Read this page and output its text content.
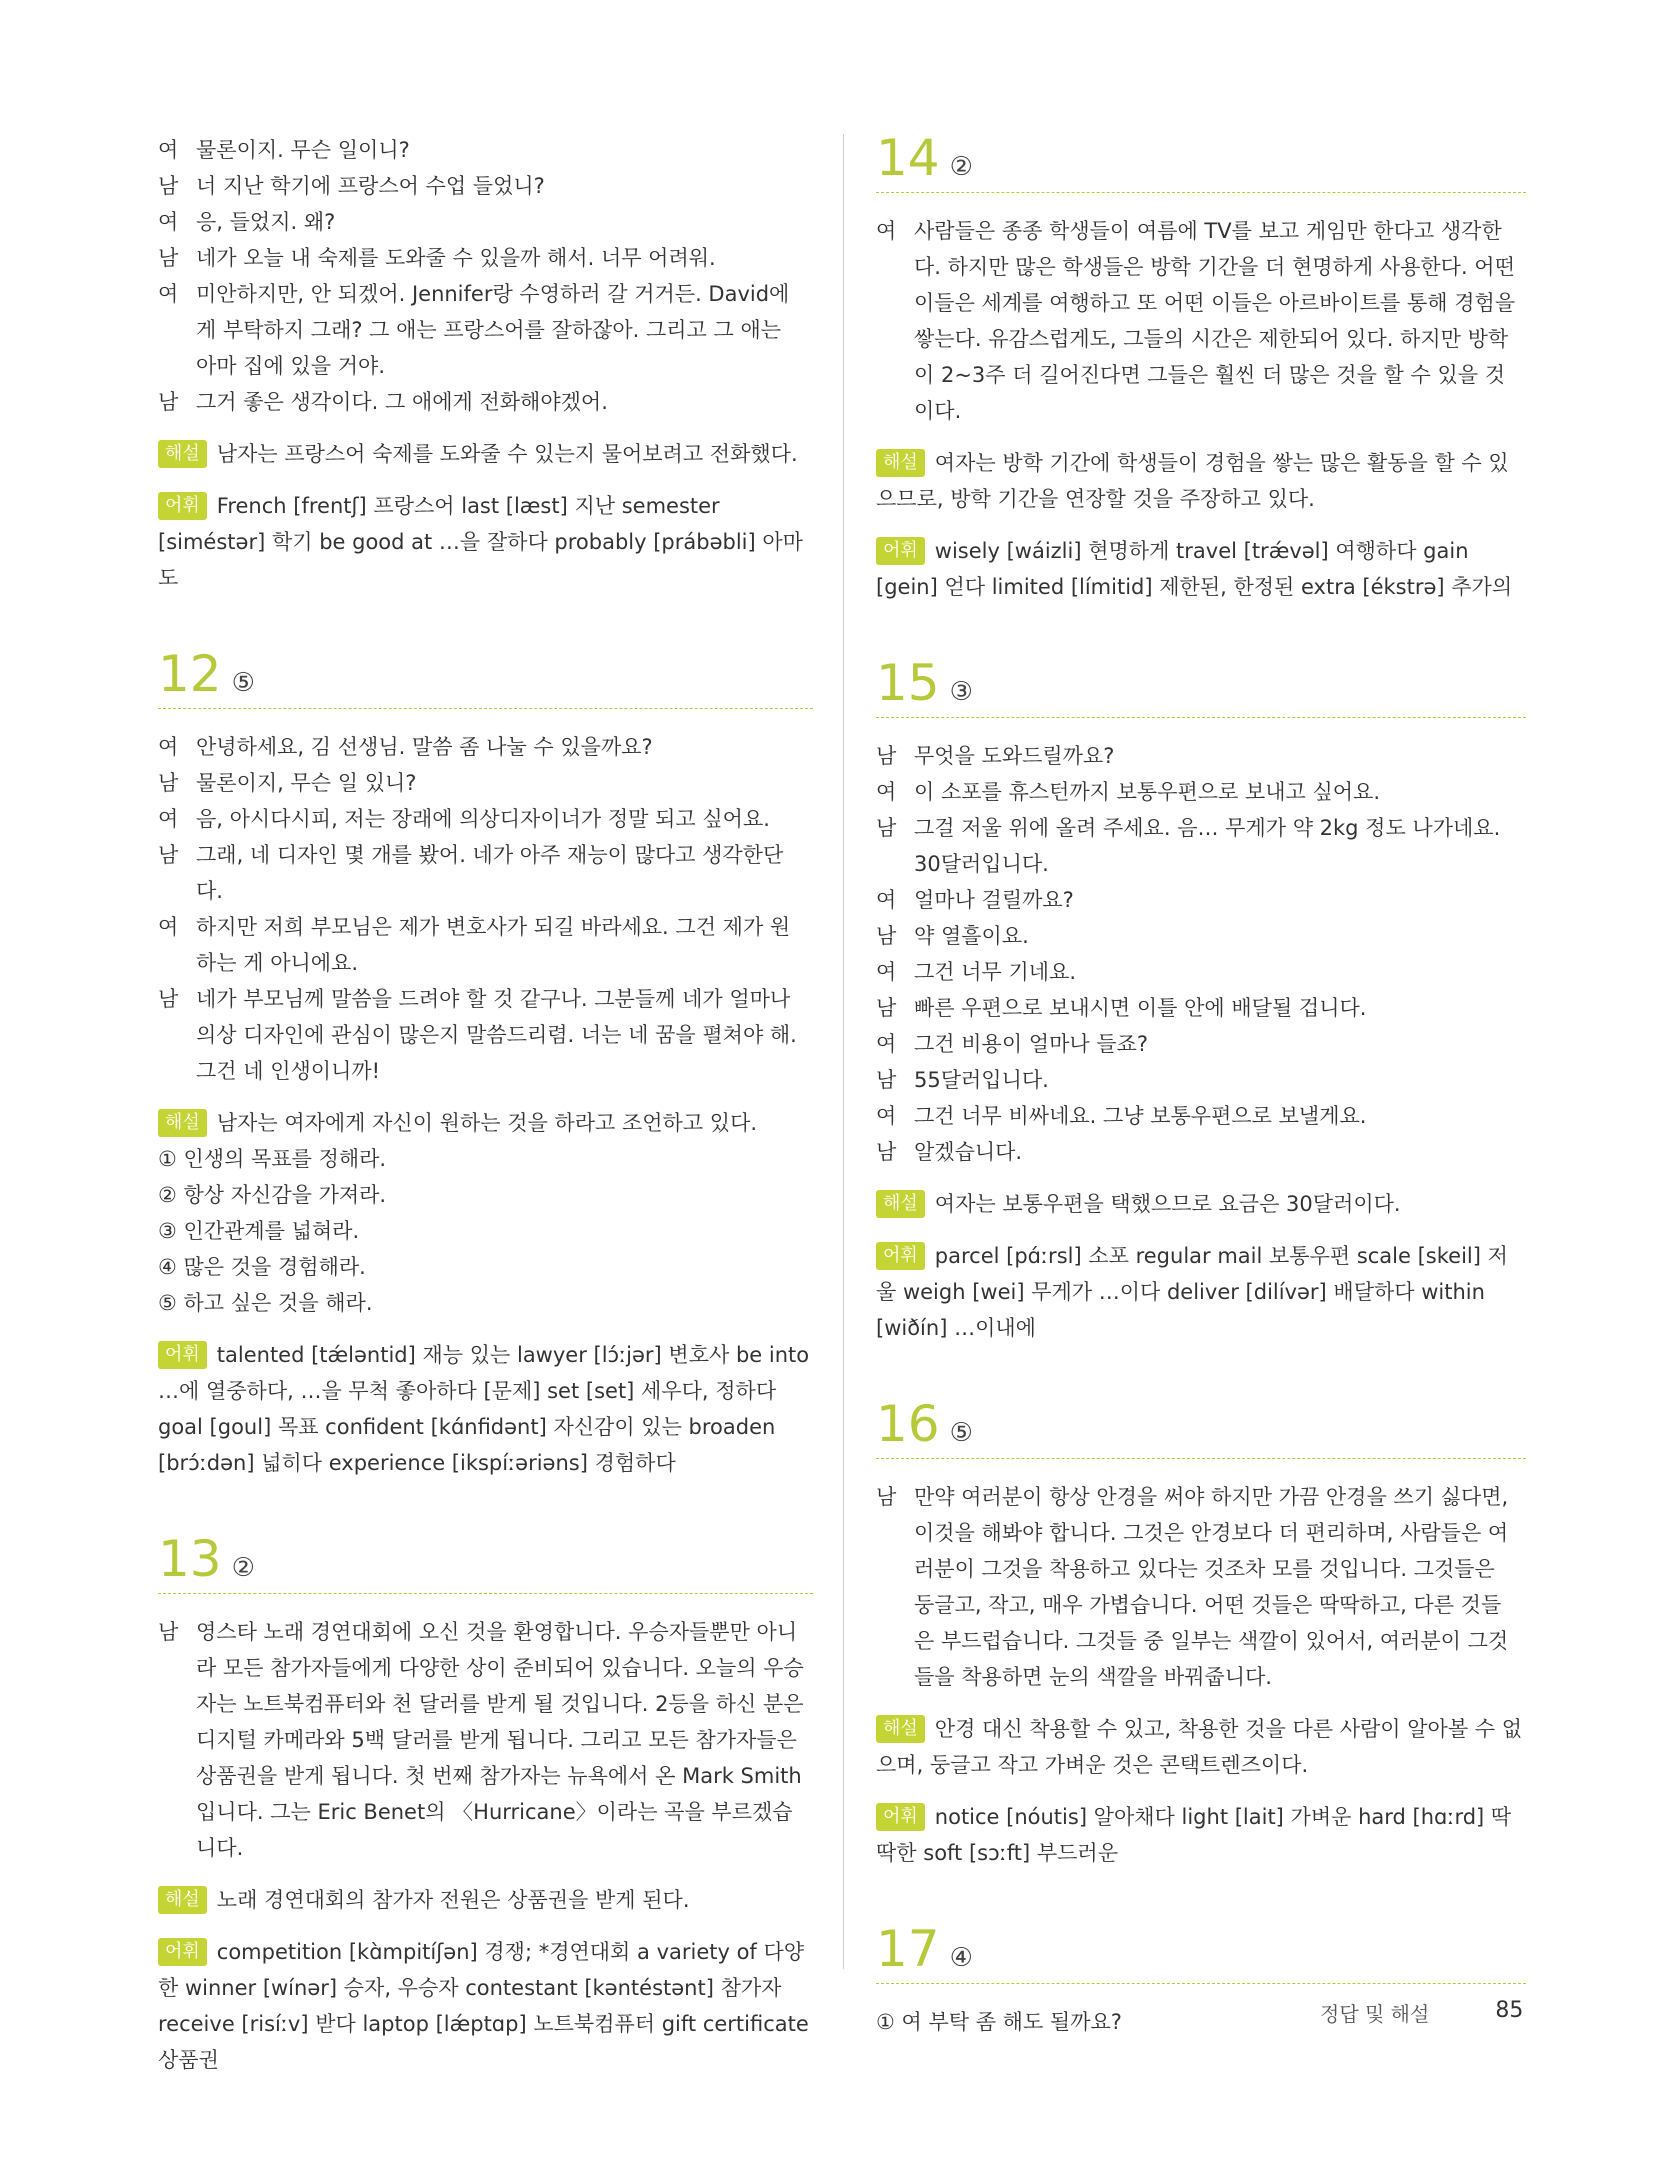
여 물론이지. 무슨 일이니?

남 너 지난 학기에 프랑스어 수업 들었니?

여 응, 들었지. 왜?

남 네가 오늘 내 숙제를 도와줄 수 있을까 해서. 너무 어려워.

여 미안하지만, 안 되겠어. Jennifer랑 수영하러 갈 거거든. David에게 부탁하지 그래? 그 애는 프랑스어를 잘하잖아. 그리고 그 애는 아마 집에 있을 거야.

남 그거 좋은 생각이다. 그 애에게 전화해야겠어.

해설 남자는 프랑스어 숙제를 도와줄 수 있는지 물어보려고 전화했다.

어휘 French [frentʃ] 프랑스어 last [læst] 지난 semester [siméstər] 학기 be good at …을 잘하다 probably [prábəbli] 아마도

12 ⑤

여 안녕하세요, 김 선생님. 말씀 좀 나눌 수 있을까요?

남 물론이지, 무슨 일 있니?

여 음, 아시다시피, 저는 장래에 의상디자이너가 정말 되고 싶어요.

남 그래, 네 디자인 몇 개를 봤어. 네가 아주 재능이 많다고 생각한단다.

여 하지만 저희 부모님은 제가 변호사가 되길 바라세요. 그건 제가 원하는 게 아니에요.

남 네가 부모님께 말씀을 드려야 할 것 같구나. 그분들께 네가 얼마나 의상 디자인에 관심이 많은지 말씀드리렴. 너는 네 꿈을 펼쳐야 해. 그건 네 인생이니까!

해설 남자는 여자에게 자신이 원하는 것을 하라고 조언하고 있다.

① 인생의 목표를 정해라.

② 항상 자신감을 가져라.

③ 인간관계를 넓혀라.

④ 많은 것을 경험해라.

⑤ 하고 싶은 것을 해라.

어휘 talented [tǽləntid] 재능 있는 lawyer [lɔ́ːjər] 변호사 be into …에 열중하다, …을 무척 좋아하다 [문제] set [set] 세우다, 정하다 goal [goul] 목표 confident [kɑ́nfidənt] 자신감이 있는 broaden [brɔ́ːdən] 넓히다 experience [ikspíːəriəns] 경험하다

13 ②

남 영스타 노래 경연대회에 오신 것을 환영합니다. 우승자들뿐만 아니라 모든 참가자들에게 다양한 상이 준비되어 있습니다. 오늘의 우승자는 노트북컴퓨터와 천 달러를 받게 될 것입니다. 2등을 하신 분은 디지털 카메라와 5백 달러를 받게 됩니다. 그리고 모든 참가자들은 상품권을 받게 됩니다. 첫 번째 참가자는 뉴욕에서 온 Mark Smith입니다. 그는 Eric Benet의 〈Hurricane〉이라는 곡을 부르겠습니다.

해설 노래 경연대회의 참가자 전원은 상품권을 받게 된다.

어휘 competition [kɑ̀mpitíʃən] 경쟁; *경연대회 a variety of 다양한 winner [wínər] 승자, 우승자 contestant [kəntéstənt] 참가자 receive [risíːv] 받다 laptop [lǽptɑp] 노트북컴퓨터 gift certificate 상품권

14 ②

여 사람들은 종종 학생들이 여름에 TV를 보고 게임만 한다고 생각한다. 하지만 많은 학생들은 방학 기간을 더 현명하게 사용한다. 어떤 이들은 세계를 여행하고 또 어떤 이들은 아르바이트를 통해 경험을 쌓는다. 유감스럽게도, 그들의 시간은 제한되어 있다. 하지만 방학이 2~3주 더 길어진다면 그들은 훨씬 더 많은 것을 할 수 있을 것이다.

해설 여자는 방학 기간에 학생들이 경험을 쌓는 많은 활동을 할 수 있으므로, 방학 기간을 연장할 것을 주장하고 있다.

어휘 wisely [wáizli] 현명하게 travel [trǽvəl] 여행하다 gain [gein] 얻다 limited [límitid] 제한된, 한정된 extra [ékstrə] 추가의

15 ③

남 무엇을 도와드릴까요?

여 이 소포를 휴스턴까지 보통우편으로 보내고 싶어요.

남 그걸 저울 위에 올려 주세요. 음… 무게가 약 2kg 정도 나가네요. 30달러입니다.

여 얼마나 걸릴까요?

남 약 열흘이요.

여 그건 너무 기네요.

남 빠른 우편으로 보내시면 이틀 안에 배달될 겁니다.

여 그건 비용이 얼마나 들죠?

남 55달러입니다.

여 그건 너무 비싸네요. 그냥 보통우편으로 보낼게요.

남 알겠습니다.

해설 여자는 보통우편을 택했으므로 요금은 30달러이다.

어휘 parcel [pɑ́ːrsl] 소포 regular mail 보통우편 scale [skeil] 저울 weigh [wei] 무게가 …이다 deliver [dilívər] 배달하다 within [wiðín] …이내에

16 ⑤

남 만약 여러분이 항상 안경을 써야 하지만 가끔 안경을 쓰기 싫다면, 이것을 해봐야 합니다. 그것은 안경보다 더 편리하며, 사람들은 여러분이 그것을 착용하고 있다는 것조차 모를 것입니다. 그것들은 둥글고, 작고, 매우 가볍습니다. 어떤 것들은 딱딱하고, 다른 것들은 부드럽습니다. 그것들 중 일부는 색깔이 있어서, 여러분이 그것들을 착용하면 눈의 색깔을 바꿔줍니다.

해설 안경 대신 착용할 수 있고, 착용한 것을 다른 사람이 알아볼 수 없으며, 둥글고 작고 가벼운 것은 콘택트렌즈이다.

어휘 notice [nóutis] 알아채다 light [lait] 가벼운 hard [hɑːrd] 딱딱한 soft [sɔːft] 부드러운

17 ④

① 여 부탁 좀 해도 될까요?	정답 및 해설	85
